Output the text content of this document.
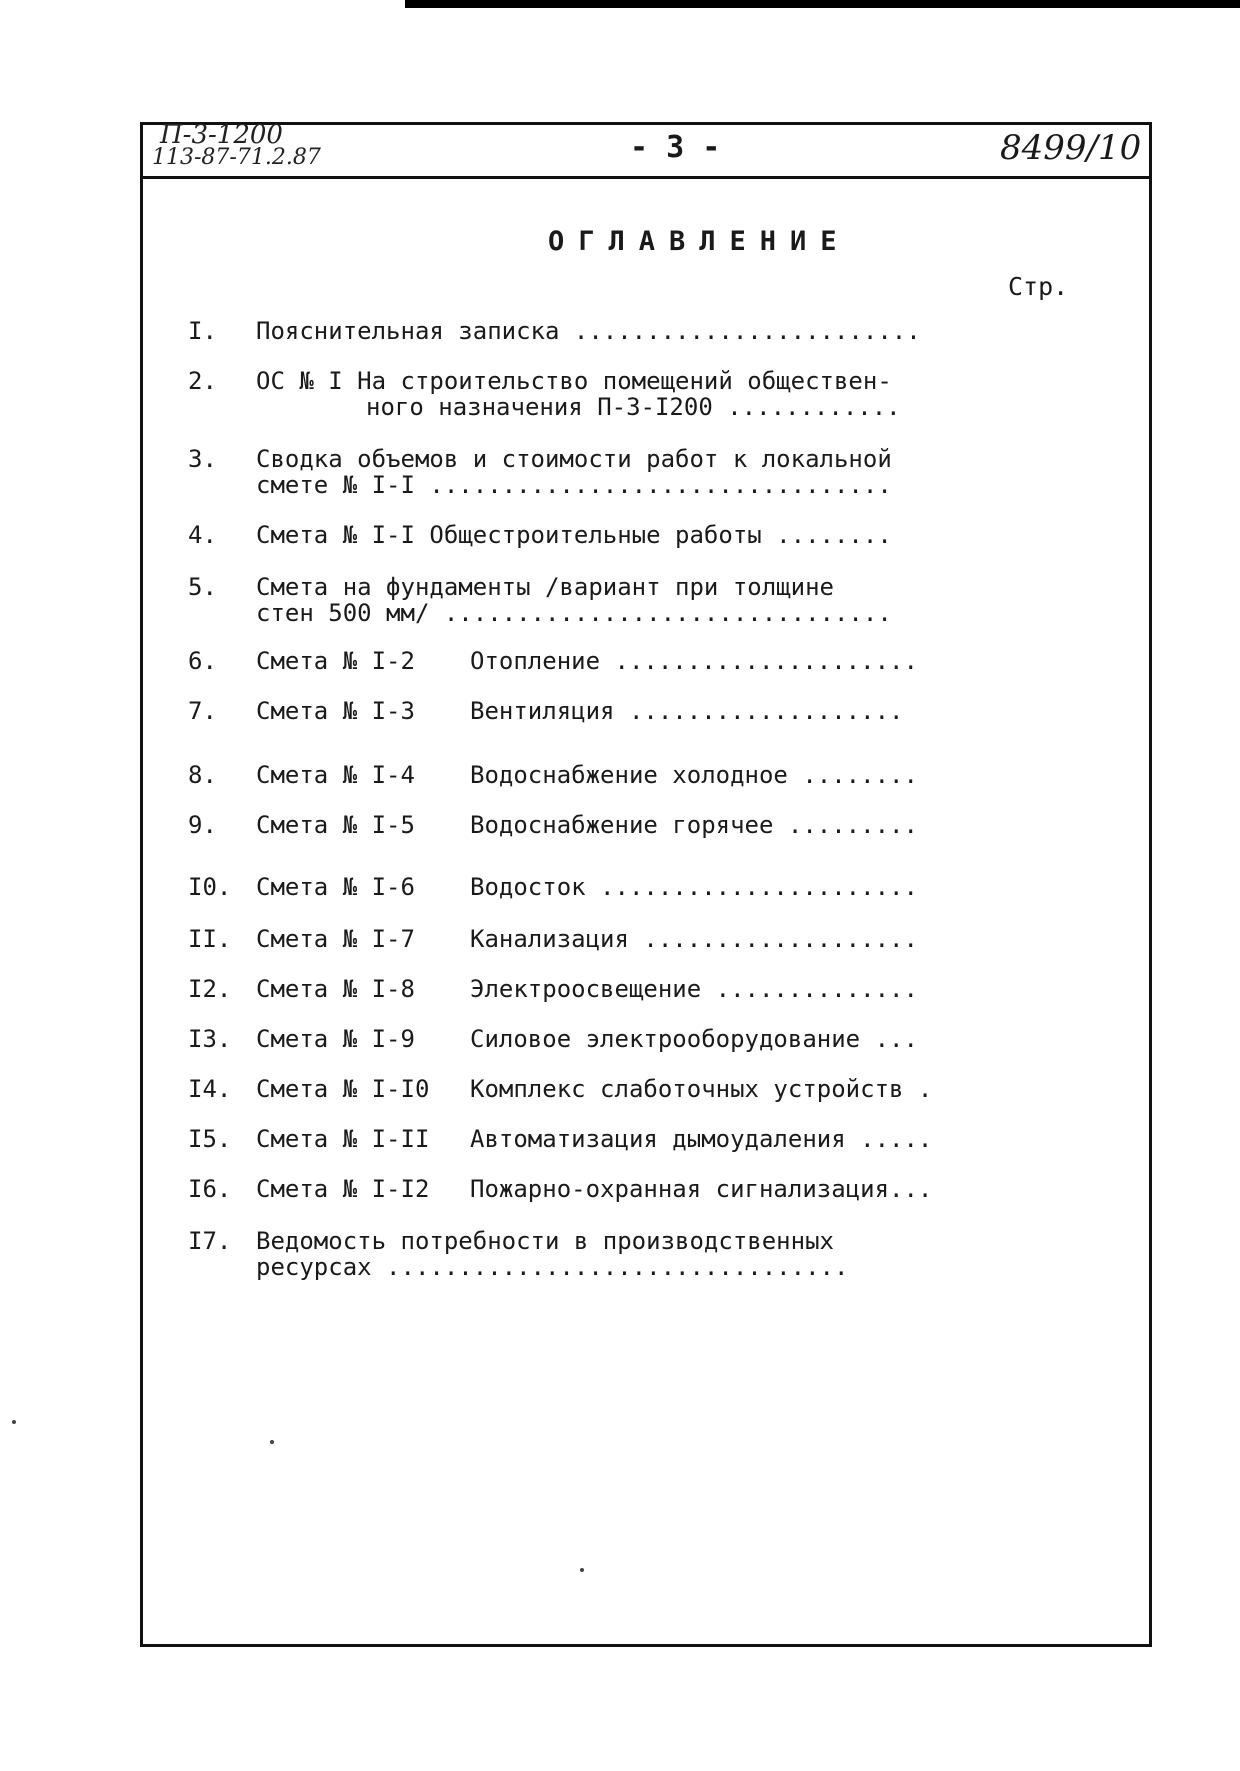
П-3-1200
113-87-71.2.87	- 3 -	8499/10
ОГЛАВЛЕНИЕ
Стр.
I.	Пояснительная записка ........................
2.	ОС № I На строительство помещений обществен-
ного назначения П-3-I200 ............
3.	Сводка объемов и стоимости работ к локальной
смете № I-I ................................
4.	Смета № I-I Общестроительные работы ........
5.	Смета на фундаменты /вариант при толщине
стен 500 мм/ ...............................
6.	Смета № I-2 Отопление .....................
7.	Смета № I-3 Вентиляция ...................
8.	Смета № I-4 Водоснабжение холодное ........
9.	Смета № I-5 Водоснабжение горячее .........
I0.	Смета № I-6 Водосток ......................
II.	Смета № I-7 Канализация ...................
I2.	Смета № I-8 Электроосвещение ..............
I3.	Смета № I-9 Силовое электрооборудование ...
I4.	Смета № I-I0 Комплекс слаботочных устройств .
I5.	Смета № I-II Автоматизация дымоудаления .....
I6.	Смета № I-I2 Пожарно-охранная сигнализация...
I7.	Ведомость потребности в производственных
ресурсах ................................
